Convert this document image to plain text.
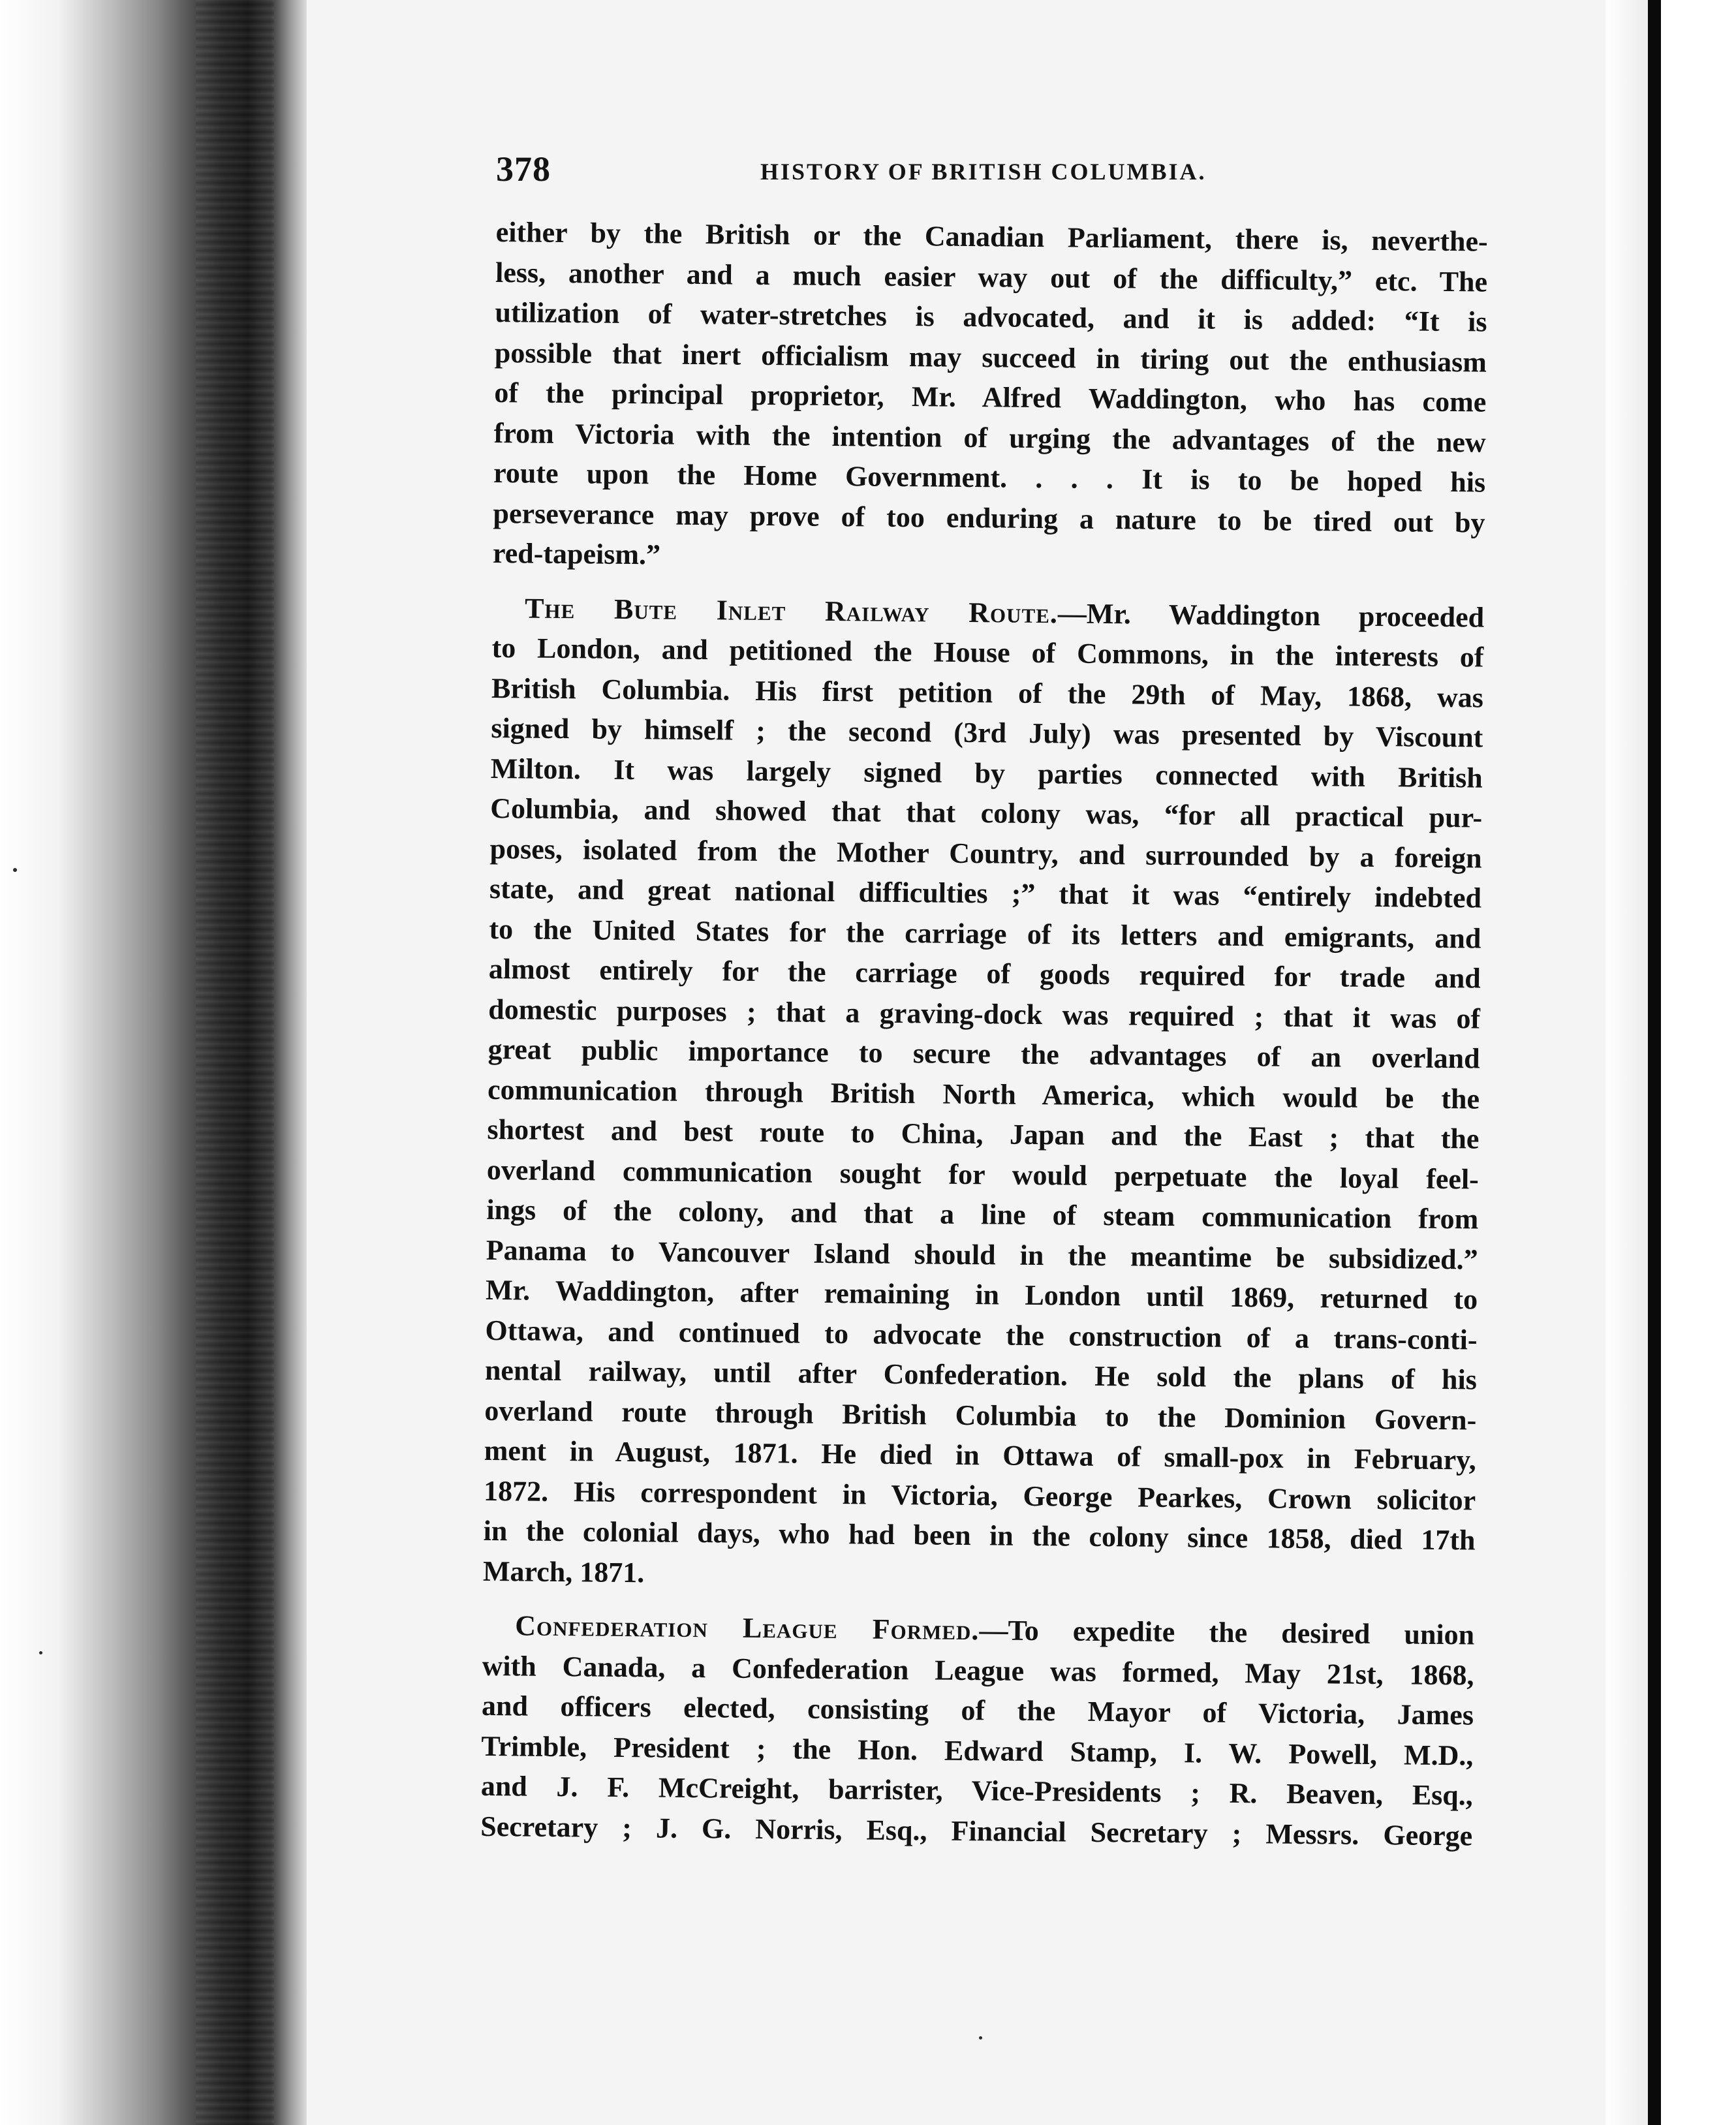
378	HISTORY OF BRITISH COLUMBIA.
either by the British or the Canadian Parliament, there is, neverthe-
less, another and a much easier way out of the difficulty,” etc. The
utilization of water-stretches is advocated, and it is added: “It is
possible that inert officialism may succeed in tiring out the enthusiasm
of the principal proprietor, Mr. Alfred Waddington, who has come
from Victoria with the intention of urging the advantages of the new
route upon the Home Government. . . . It is to be hoped his
perseverance may prove of too enduring a nature to be tired out by
red-tapeism.”
The Bute Inlet Railway Route.—Mr. Waddington proceeded
to London, and petitioned the House of Commons, in the interests of
British Columbia. His first petition of the 29th of May, 1868, was
signed by himself ; the second (3rd July) was presented by Viscount
Milton. It was largely signed by parties connected with British
Columbia, and showed that that colony was, “for all practical pur-
poses, isolated from the Mother Country, and surrounded by a foreign
state, and great national difficulties ;” that it was “entirely indebted
to the United States for the carriage of its letters and emigrants, and
almost entirely for the carriage of goods required for trade and
domestic purposes ; that a graving-dock was required ; that it was of
great public importance to secure the advantages of an overland
communication through British North America, which would be the
shortest and best route to China, Japan and the East ; that the
overland communication sought for would perpetuate the loyal feel-
ings of the colony, and that a line of steam communication from
Panama to Vancouver Island should in the meantime be subsidized.”
Mr. Waddington, after remaining in London until 1869, returned to
Ottawa, and continued to advocate the construction of a trans-conti-
nental railway, until after Confederation. He sold the plans of his
overland route through British Columbia to the Dominion Govern-
ment in August, 1871. He died in Ottawa of small-pox in February,
1872. His correspondent in Victoria, George Pearkes, Crown solicitor
in the colonial days, who had been in the colony since 1858, died 17th
March, 1871.
Confederation League Formed.—To expedite the desired union
with Canada, a Confederation League was formed, May 21st, 1868,
and officers elected, consisting of the Mayor of Victoria, James
Trimble, President ; the Hon. Edward Stamp, I. W. Powell, M.D.,
and J. F. McCreight, barrister, Vice-Presidents ; R. Beaven, Esq.,
Secretary ; J. G. Norris, Esq., Financial Secretary ; Messrs. George
